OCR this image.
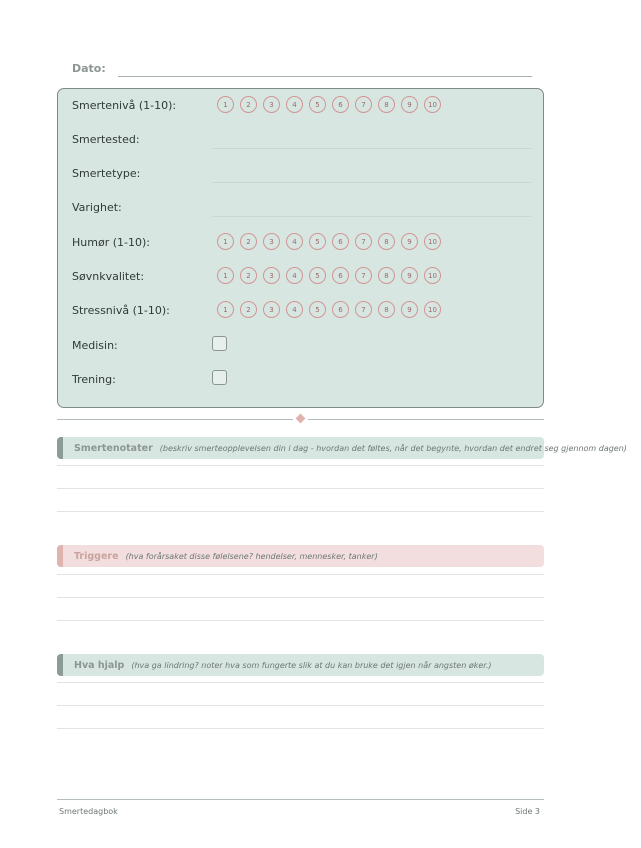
Dato:
Smertenivå (1-10):	1	2	3	4	5	6	7	8	9	10
Smertested:
Smertetype:
Varighet:
Humør (1-10):	1	2	3	4	5	6	7	8	9	10
Søvnkvalitet:	1	2	3	4	5	6	7	8	9	10
Stressnivå (1-10):	1	2	3	4	5	6	7	8	9	10
Medisin:
Trening:
Smertenotater (beskriv smerteopplevelsen din i dag - hvordan det føltes, når det begynte, hvordan det endret seg gjennom dagen)
Triggere (hva forårsaket disse følelsene? hendelser, mennesker, tanker)
Hva hjalp (hva ga lindring? noter hva som fungerte slik at du kan bruke det igjen når angsten øker.)
Smertedagbok	Side 3
